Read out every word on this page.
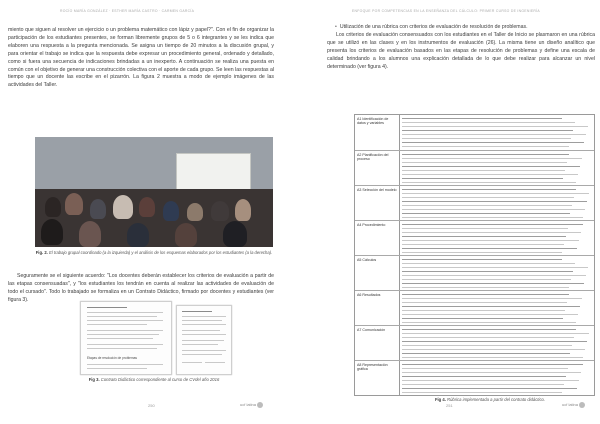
ROCÍO MARÍA GONZÁLEZ · ESTHER MARÍA CASTRO · CARMEN GARCÍA
miento que siguen al resolver un ejercicio o un problema matemático con lápiz y papel?". Con el fin de organizar la participación de los estudiantes presentes, se forman libremente grupos de 5 o 6 integrantes y se les indica que elaboren una respuesta a la pregunta mencionada. Se asigna un tiempo de 20 minutos a la discusión grupal, y para orientar el trabajo se indica que la respuesta debe expresar un procedimiento general, ordenado y detallado, como si fuera una secuencia de indicaciones brindadas a un inexperto. A continuación se realiza una puesta en común con el objetivo de generar una construcción colectiva con el aporte de cada grupo. Se leen las respuestas al tiempo que un docente las escribe en el pizarrón. La figura 2 muestra a modo de ejemplo imágenes de las actividades del Taller.
Fig. 2. El trabajo grupal coordinado (a la izquierda) y el análisis de los esquemas elaborados por los estudiantes (a la derecha).
Seguramente se el siguiente acuerdo: "Los docentes deberán establecer los criterios de evaluación a partir de las etapas consensuadas", y "los estudiantes los tendrán en cuenta al realizar las actividades de evaluación de todo el cursado". Todo lo trabajado se formaliza en un Contrato Didáctico, firmado por docentes y estudiantes (ver figura 3).
Etapas de resolución de problemas
Fig 3. Contrato Didáctico correspondiente al curso de CVdel año 2016
250	ucf latina
ENFOQUE POR COMPETENCIAS EN LA ENSEÑANZA DEL CÁLCULO: PRIMER CURSO DE INGENIERÍA
• Utilización de una rúbrica con criterios de evaluación de resolución de problemas.
Los criterios de evaluación consensuados con los estudiantes en el Taller de Inicio se plasmaron en una rúbrica que se utilizó en las clases y en los instrumentos de evaluación (26). La misma tiene un diseño analítico que presenta los criterios de evaluación basados en las etapas de resolución de problemas y define una escala de calidad brindando a los alumnos una explicación detallada de lo que debe realizar para alcanzar un nivel determinado (ver figura 4).
A1 Identificación de datos y variables
A2 Planificación del proceso
A3 Selección del modelo
A4 Procedimiento
A5 Cálculos
A6 Resultados
A7 Comunicación
A8 Representación gráfica
Fig 4. Rúbrica implementada a partir del contrato didáctico.
251	ucf latina
